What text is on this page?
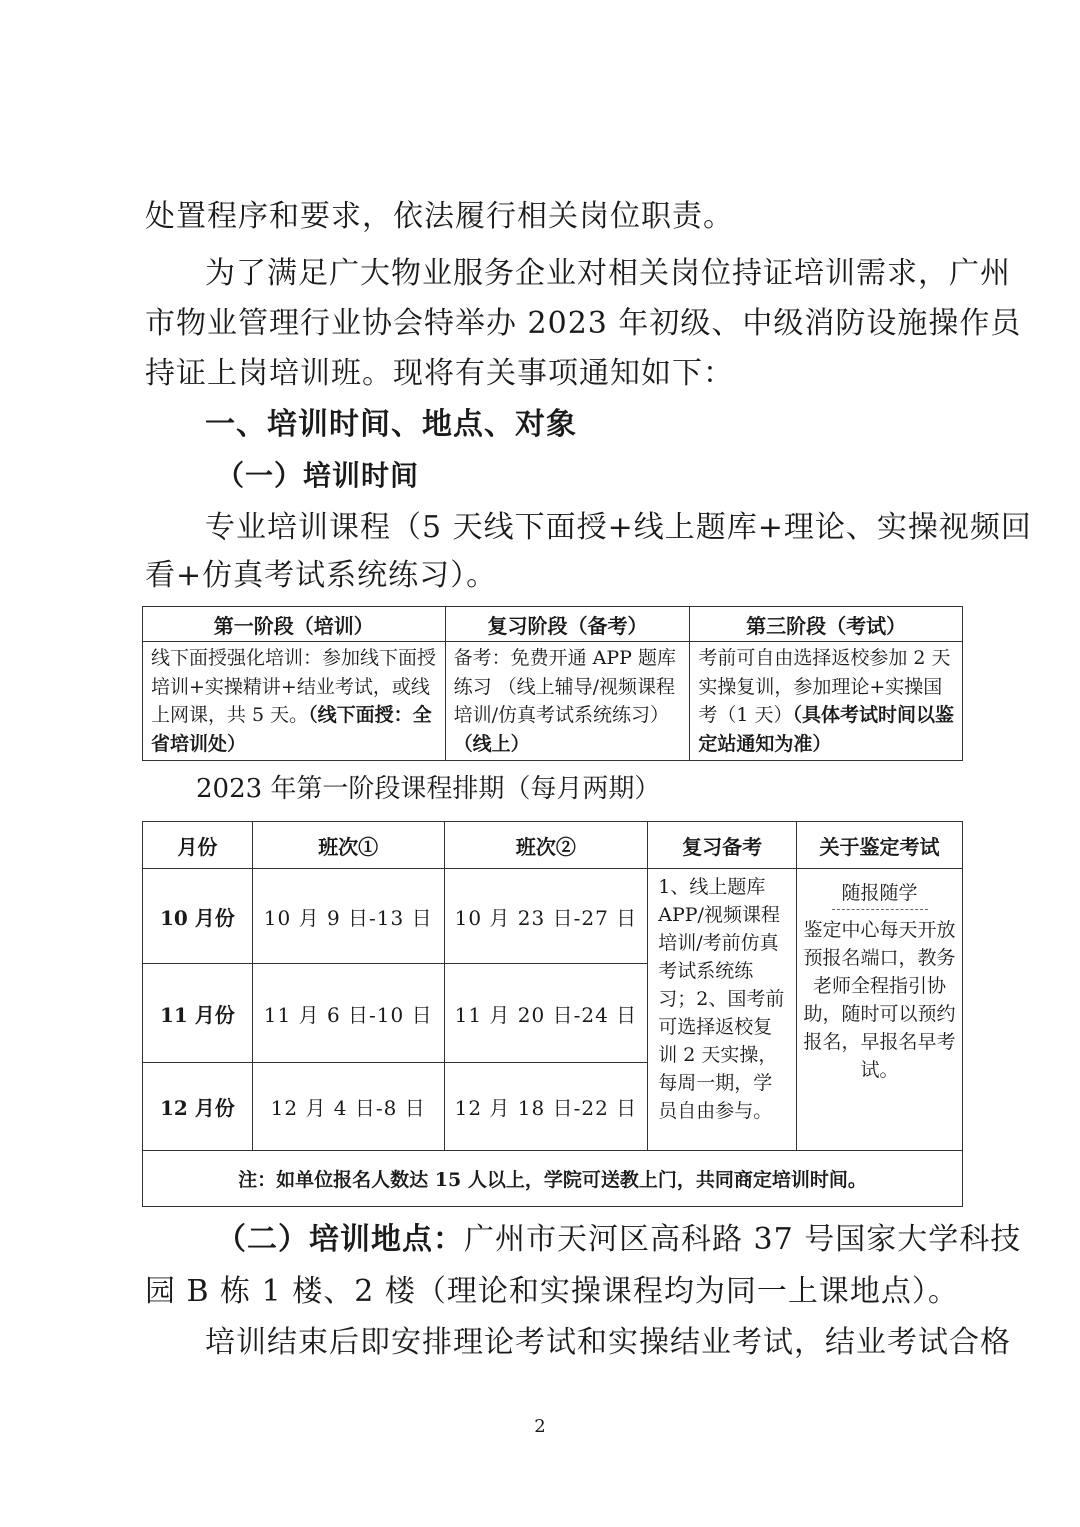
处置程序和要求，依法履行相关岗位职责。
为了满足广大物业服务企业对相关岗位持证培训需求，广州
市物业管理行业协会特举办 2023 年初级、中级消防设施操作员
持证上岗培训班。现将有关事项通知如下：
一、培训时间、地点、对象
（一）培训时间
专业培训课程（5 天线下面授+线上题库+理论、实操视频回
看+仿真考试系统练习）。
第一阶段（培训）	复习阶段（备考）	第三阶段（考试）
线下面授强化培训：参加线下面授培训+实操精讲+结业考试，或线上网课，共 5 天。（线下面授：全省培训处）	备考：免费开通 APP 题库练习 （线上辅导/视频课程培训/仿真考试系统练习）（线上）	考前可自由选择返校参加 2 天实操复训，参加理论+实操国考（1 天）（具体考试时间以鉴定站通知为准）
2023 年第一阶段课程排期（每月两期）
月份	班次①	班次②	复习备考	关于鉴定考试
10 月份	10 月 9 日-13 日	10 月 23 日-27 日	1、线上题库 APP/视频课程培训/考前仿真考试系统练习；2、国考前可选择返校复训 2 天实操，每周一期，学员自由参与。	随报随学
鉴定中心每天开放预报名端口，教务老师全程指引协助，随时可以预约报名，早报名早考试。
11 月份	11 月 6 日-10 日	11 月 20 日-24 日		
12 月份	12 月 4 日-8 日	12 月 18 日-22 日		
注：如单位报名人数达 15 人以上，学院可送教上门，共同商定培训时间。				
（二）培训地点：广州市天河区高科路 37 号国家大学科技
园 B 栋 1 楼、2 楼（理论和实操课程均为同一上课地点）。
培训结束后即安排理论考试和实操结业考试，结业考试合格
2
